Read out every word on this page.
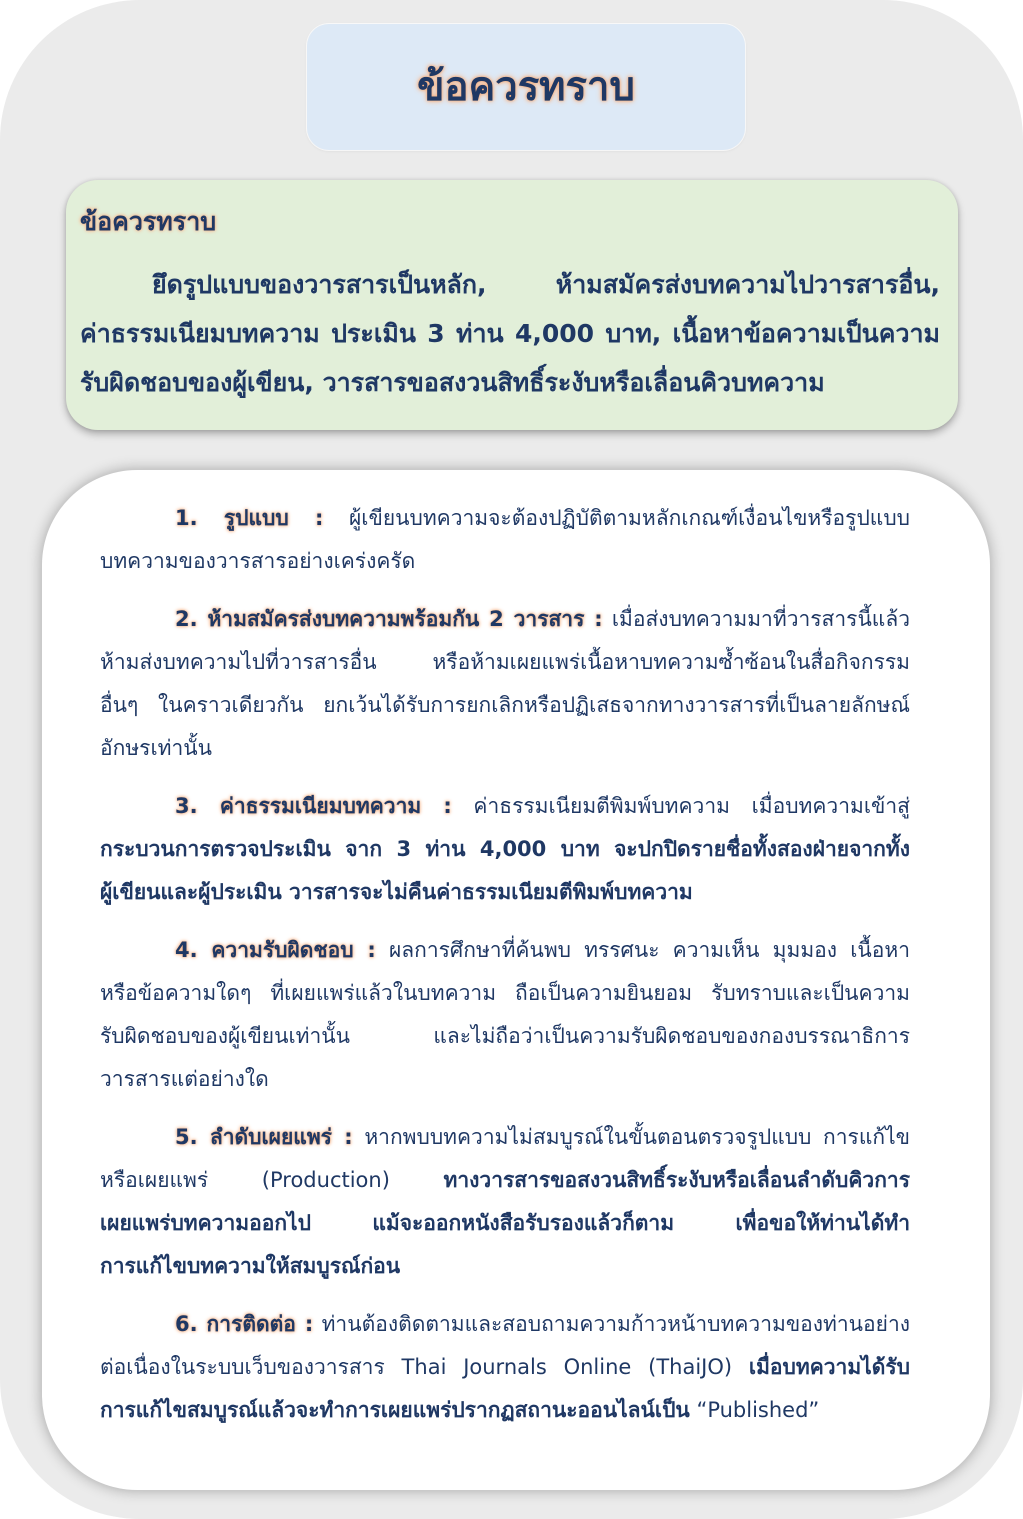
ข้อควรทราบ
ข้อควรทราบ
ยึดรูปแบบของวารสารเป็นหลัก, ห้ามสมัครส่งบทความไปวารสารอื่น,
ค่าธรรมเนียมบทความ ประเมิน 3 ท่าน 4,000 บาท, เนื้อหาข้อความเป็นความ
รับผิดชอบของผู้เขียน, วารสารขอสงวนสิทธิ์ระงับหรือเลื่อนคิวบทความ
1. รูปแบบ : ผู้เขียนบทความจะต้องปฏิบัติตามหลักเกณฑ์เงื่อนไขหรือรูปแบบ
บทความของวารสารอย่างเคร่งครัด
2. ห้ามสมัครส่งบทความพร้อมกัน 2 วารสาร : เมื่อส่งบทความมาที่วารสารนี้แล้ว
ห้ามส่งบทความไปที่วารสารอื่น หรือห้ามเผยแพร่เนื้อหาบทความซ้ำซ้อนในสื่อกิจกรรม
อื่นๆ ในคราวเดียวกัน ยกเว้นได้รับการยกเลิกหรือปฏิเสธจากทางวารสารที่เป็นลายลักษณ์
อักษรเท่านั้น
3. ค่าธรรมเนียมบทความ : ค่าธรรมเนียมตีพิมพ์บทความ เมื่อบทความเข้าสู่
กระบวนการตรวจประเมิน จาก 3 ท่าน 4,000 บาท จะปกปิดรายชื่อทั้งสองฝ่ายจากทั้ง
ผู้เขียนและผู้ประเมิน วารสารจะไม่คืนค่าธรรมเนียมตีพิมพ์บทความ
4. ความรับผิดชอบ : ผลการศึกษาที่ค้นพบ ทรรศนะ ความเห็น มุมมอง เนื้อหา
หรือข้อความใดๆ ที่เผยแพร่แล้วในบทความ ถือเป็นความยินยอม รับทราบและเป็นความ
รับผิดชอบของผู้เขียนเท่านั้น และไม่ถือว่าเป็นความรับผิดชอบของกองบรรณาธิการ
วารสารแต่อย่างใด
5. ลำดับเผยแพร่ : หากพบบทความไม่สมบูรณ์ในขั้นตอนตรวจรูปแบบ การแก้ไข
หรือเผยแพร่ (Production)	ทางวารสารขอสงวนสิทธิ์ระงับหรือเลื่อนลำดับคิวการ
เผยแพร่บทความออกไป แม้จะออกหนังสือรับรองแล้วก็ตาม เพื่อขอให้ท่านได้ทำ
การแก้ไขบทความให้สมบูรณ์ก่อน
6. การติดต่อ : ท่านต้องติดตามและสอบถามความก้าวหน้าบทความของท่านอย่าง
ต่อเนื่องในระบบเว็บของวารสาร Thai Journals Online (ThaiJO) เมื่อบทความได้รับ
การแก้ไขสมบูรณ์แล้วจะทำการเผยแพร่ปรากฏสถานะออนไลน์เป็น “Published”
